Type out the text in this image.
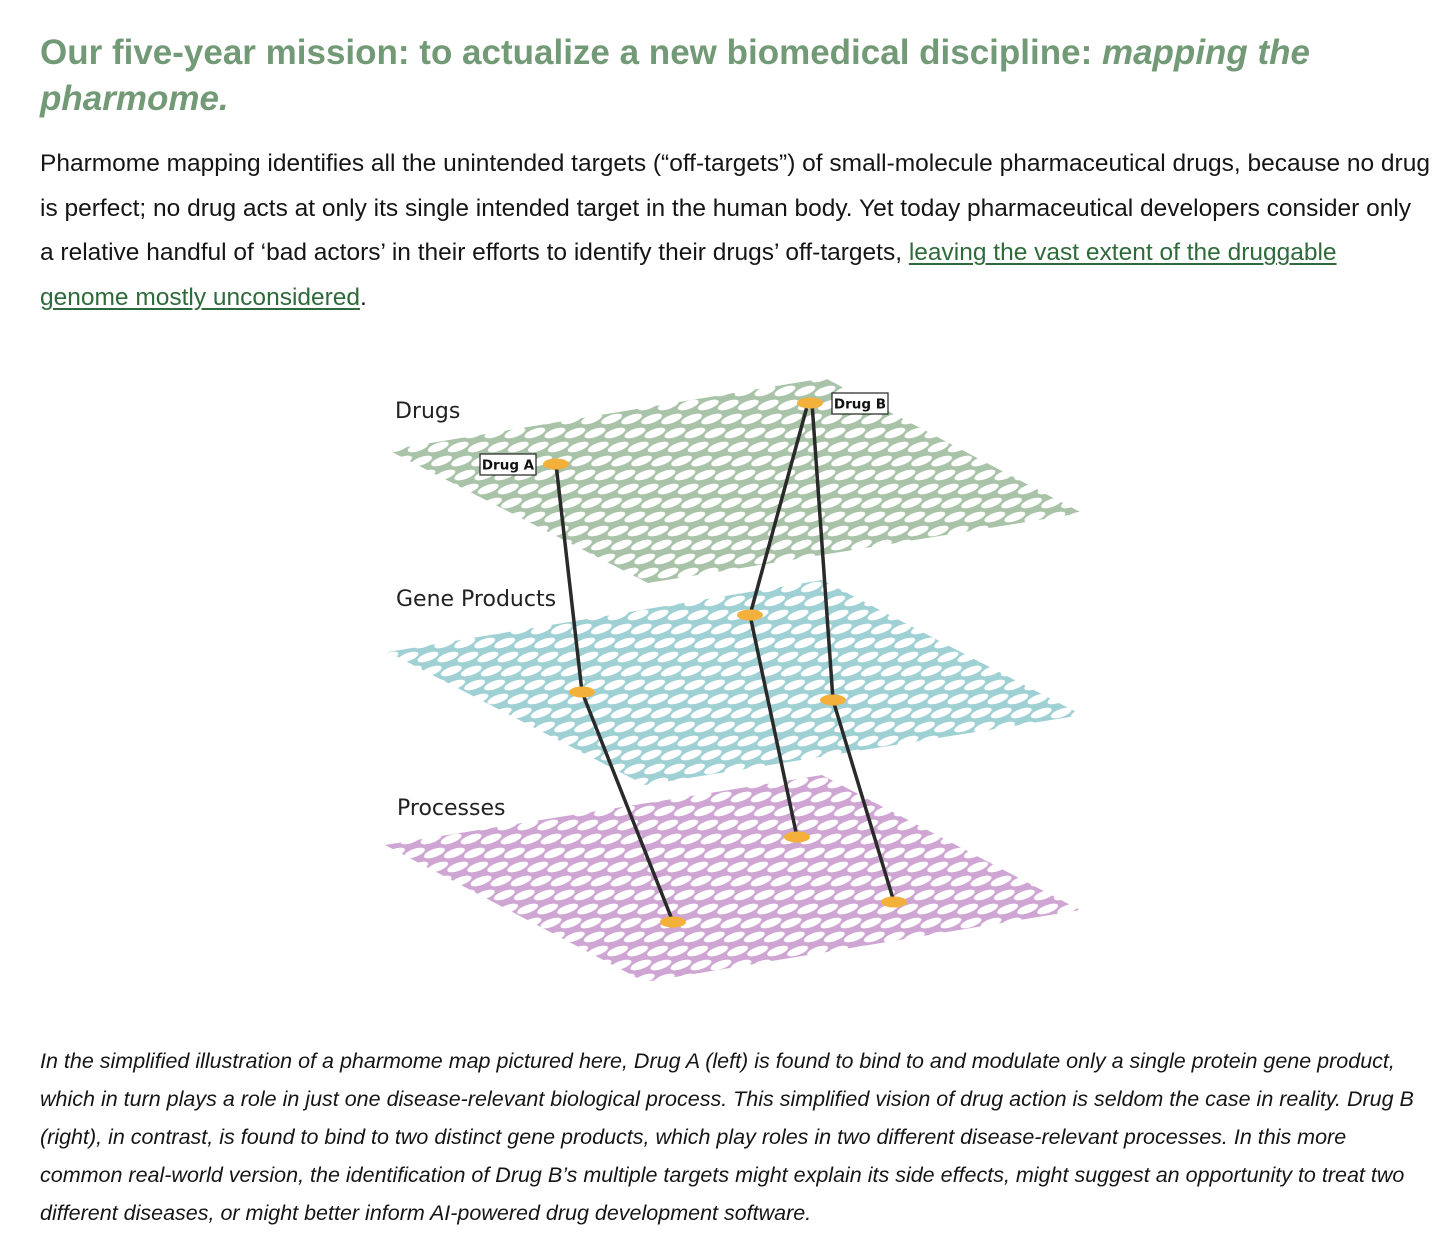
Our five-year mission: to actualize a new biomedical discipline: mapping the pharmome.

Pharmome mapping identifies all the unintended targets (“off-targets”) of small-molecule pharmaceutical drugs, because no drug is perfect; no drug acts at only its single intended target in the human body. Yet today pharmaceutical developers consider only a relative handful of ‘bad actors’ in their efforts to identify their drugs’ off-targets, leaving the vast extent of the druggable genome mostly unconsidered.

Drug A
Drug B
Drugs
Gene Products
Processes

In the simplified illustration of a pharmome map pictured here, Drug A (left) is found to bind to and modulate only a single protein gene product, which in turn plays a role in just one disease-relevant biological process. This simplified vision of drug action is seldom the case in reality. Drug B (right), in contrast, is found to bind to two distinct gene products, which play roles in two different disease-relevant processes. In this more common real-world version, the identification of Drug B’s multiple targets might explain its side effects, might suggest an opportunity to treat two different diseases, or might better inform AI-powered drug development software.
